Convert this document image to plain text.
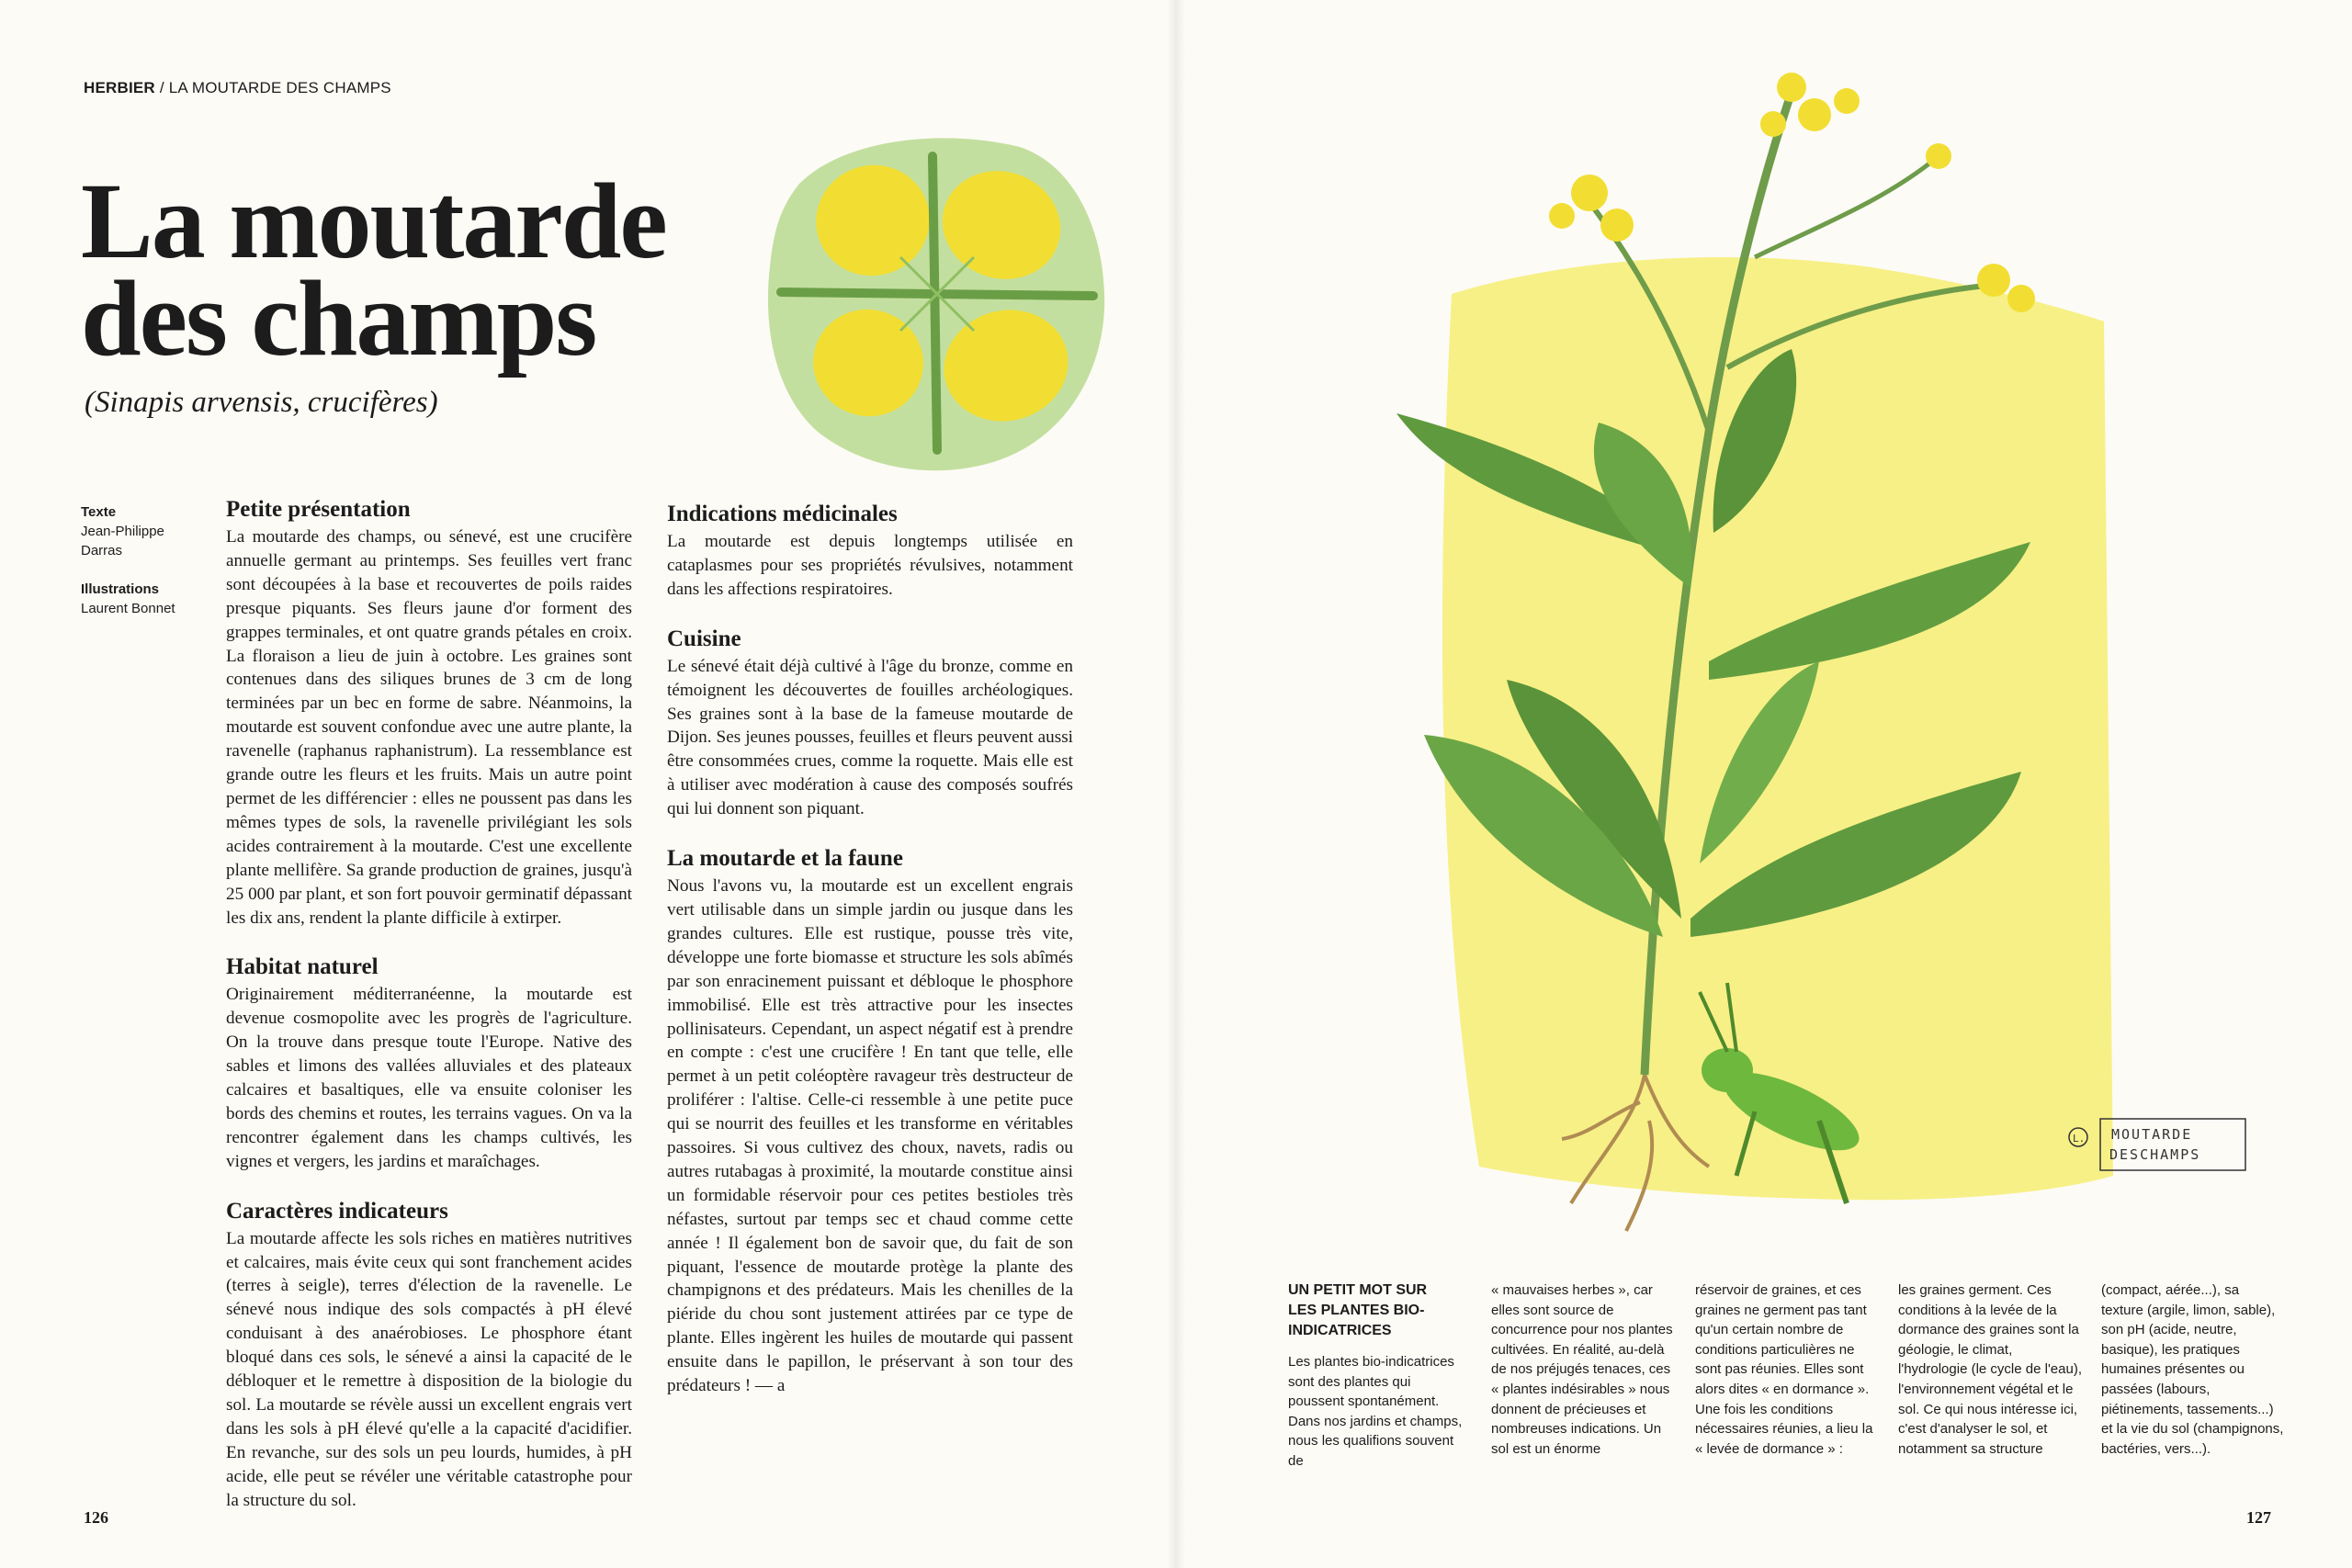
HERBIER / LA MOUTARDE DES CHAMPS
La moutarde
des champs

(Sinapis arvensis, crucifères)

Texte
Jean-Philippe Darras
Illustrations
Laurent Bonnet
Petite présentation

La moutarde des champs, ou sénevé, est une crucifère annuelle germant au printemps. Ses feuilles vert franc sont découpées à la base et recouvertes de poils raides presque piquants. Ses fleurs jaune d'or forment des grappes terminales, et ont quatre grands pétales en croix. La floraison a lieu de juin à octobre. Les graines sont contenues dans des siliques brunes de 3 cm de long terminées par un bec en forme de sabre. Néanmoins, la moutarde est souvent confondue avec une autre plante, la ravenelle (raphanus raphanistrum). La ressemblance est grande outre les fleurs et les fruits. Mais un autre point permet de les différencier : elles ne poussent pas dans les mêmes types de sols, la ravenelle privilégiant les sols acides contrairement à la moutarde. C'est une excellente plante mellifère. Sa grande production de graines, jusqu'à 25 000 par plant, et son fort pouvoir germinatif dépassant les dix ans, rendent la plante difficile à extirper.

Habitat naturel

Originairement méditerranéenne, la moutarde est devenue cosmopolite avec les progrès de l'agriculture. On la trouve dans presque toute l'Europe. Native des sables et limons des vallées alluviales et des plateaux calcaires et basaltiques, elle va ensuite coloniser les bords des chemins et routes, les terrains vagues. On va la rencontrer également dans les champs cultivés, les vignes et vergers, les jardins et maraîchages.

Caractères indicateurs

La moutarde affecte les sols riches en matières nutritives et calcaires, mais évite ceux qui sont franchement acides (terres à seigle), terres d'élection de la ravenelle. Le sénevé nous indique des sols compactés à pH élevé conduisant à des anaérobioses. Le phosphore étant bloqué dans ces sols, le sénevé a ainsi la capacité de le débloquer et le remettre à disposition de la biologie du sol. La moutarde se révèle aussi un excellent engrais vert dans les sols à pH élevé qu'elle a la capacité d'acidifier. En revanche, sur des sols un peu lourds, humides, à pH acide, elle peut se révéler une véritable catastrophe pour la structure du sol.

Indications médicinales

La moutarde est depuis longtemps utilisée en cataplasmes pour ses propriétés révulsives, notamment dans les affections respiratoires.

Cuisine

Le sénevé était déjà cultivé à l'âge du bronze, comme en témoignent les découvertes de fouilles archéologiques. Ses graines sont à la base de la fameuse moutarde de Dijon. Ses jeunes pousses, feuilles et fleurs peuvent aussi être consommées crues, comme la roquette. Mais elle est à utiliser avec modération à cause des composés soufrés qui lui donnent son piquant.

La moutarde et la faune

Nous l'avons vu, la moutarde est un excellent engrais vert utilisable dans un simple jardin ou jusque dans les grandes cultures. Elle est rustique, pousse très vite, développe une forte biomasse et structure les sols abîmés par son enracinement puissant et débloque le phosphore immobilisé. Elle est très attractive pour les insectes pollinisateurs. Cependant, un aspect négatif est à prendre en compte : c'est une crucifère ! En tant que telle, elle permet à un petit coléoptère ravageur très destructeur de proliférer : l'altise. Celle-ci ressemble à une petite puce qui se nourrit des feuilles et les transforme en véritables passoires. Si vous cultivez des choux, navets, radis ou autres rutabagas à proximité, la moutarde constitue ainsi un formidable réservoir pour ces petites bestioles très néfastes, surtout par temps sec et chaud comme cette année ! Il également bon de savoir que, du fait de son piquant, l'essence de moutarde protège la plante des champignons et des prédateurs. Mais les chenilles de la piéride du chou sont justement attirées par ce type de plante. Elles ingèrent les huiles de moutarde qui passent ensuite dans le papillon, le préservant à son tour des prédateurs ! — a

126
L. MOUTARDE
DESCHAMPS
UN PETIT MOT SUR LES PLANTES BIO-INDICATRICES
Les plantes bio-indicatrices sont des plantes qui poussent spontanément. Dans nos jardins et champs, nous les qualifions souvent de
« mauvaises herbes », car elles sont source de concurrence pour nos plantes cultivées. En réalité, au-delà de nos préjugés tenaces, ces « plantes indésirables » nous donnent de précieuses et nombreuses indications. Un sol est un énorme
réservoir de graines, et ces graines ne germent pas tant qu'un certain nombre de conditions particulières ne sont pas réunies. Elles sont alors dites « en dormance ». Une fois les conditions nécessaires réunies, a lieu la « levée de dormance » :
les graines germent. Ces conditions à la levée de la dormance des graines sont la géologie, le climat, l'hydrologie (le cycle de l'eau), l'environnement végétal et le sol. Ce qui nous intéresse ici, c'est d'analyser le sol, et notamment sa structure
(compact, aérée...), sa texture (argile, limon, sable), son pH (acide, neutre, basique), les pratiques humaines présentes ou passées (labours, piétinements, tassements...) et la vie du sol (champignons, bactéries, vers...).
127
